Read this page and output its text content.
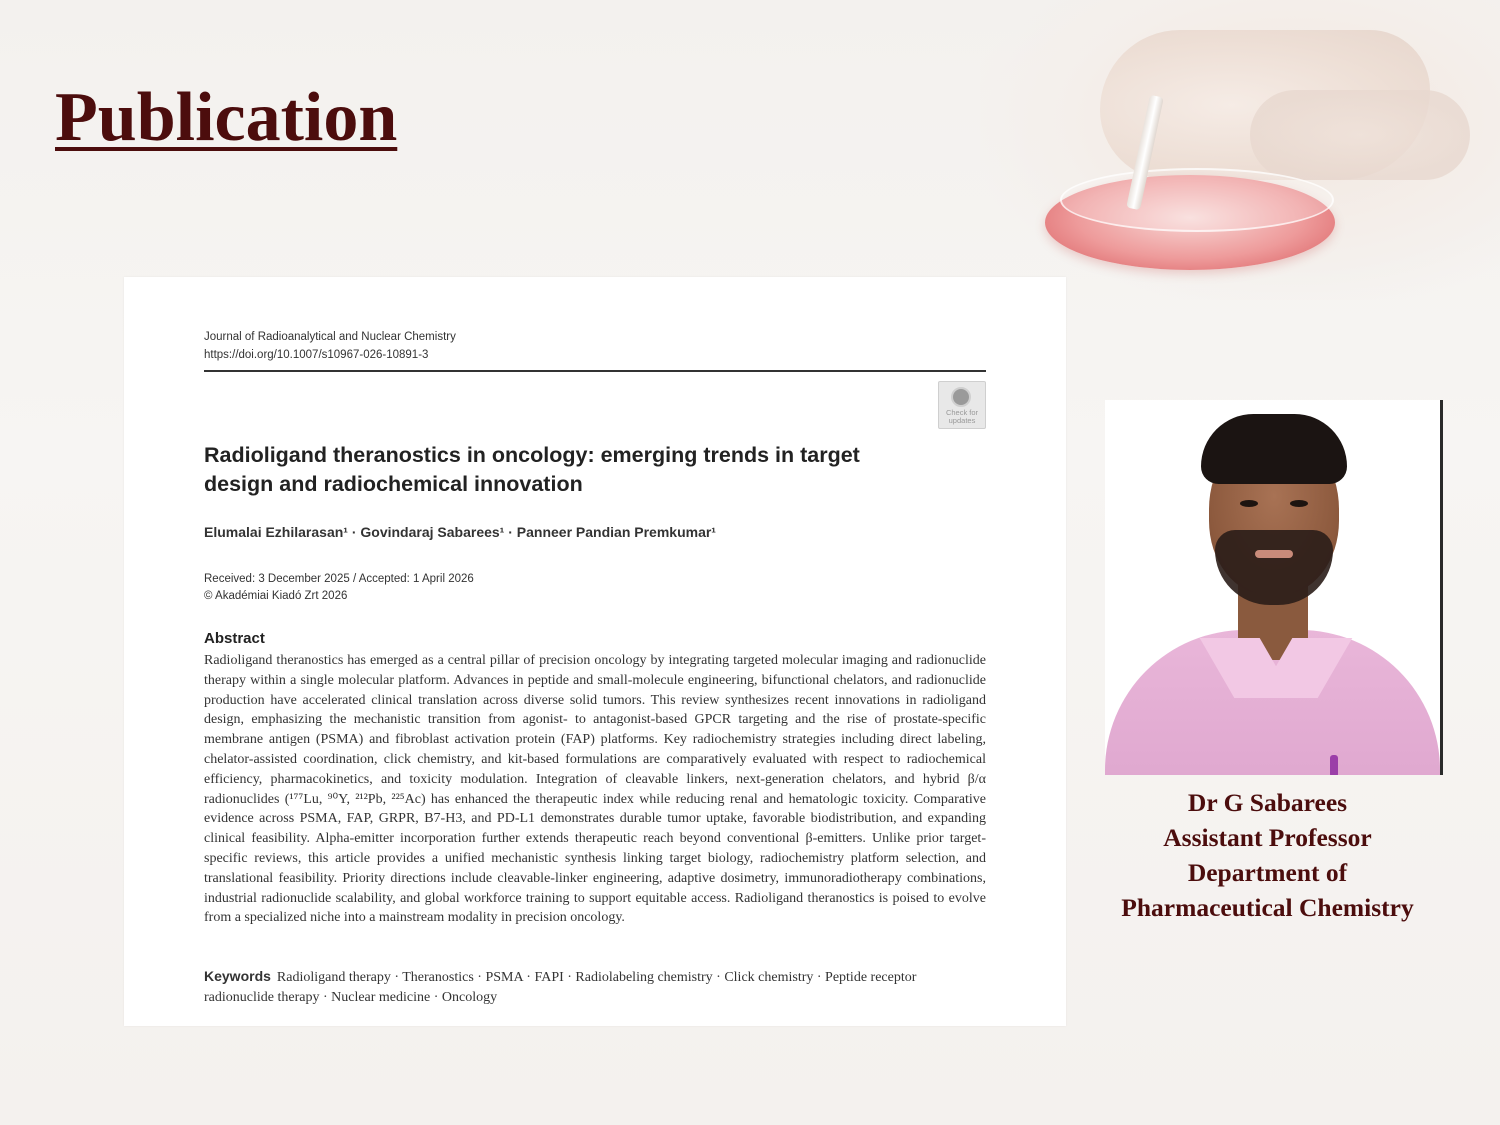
Publication
Journal of Radioanalytical and Nuclear Chemistry
https://doi.org/10.1007/s10967-026-10891-3
Check for updates
Radioligand theranostics in oncology: emerging trends in target design and radiochemical innovation
Elumalai Ezhilarasan¹ · Govindaraj Sabarees¹ · Panneer Pandian Premkumar¹
Received: 3 December 2025 / Accepted: 1 April 2026
© Akadémiai Kiadó Zrt 2026
Abstract

Radioligand theranostics has emerged as a central pillar of precision oncology by integrating targeted molecular imaging and radionuclide therapy within a single molecular platform. Advances in peptide and small-molecule engineering, bifunctional chelators, and radionuclide production have accelerated clinical translation across diverse solid tumors. This review synthesizes recent innovations in radioligand design, emphasizing the mechanistic transition from agonist- to antagonist-based GPCR targeting and the rise of prostate-specific membrane antigen (PSMA) and fibroblast activation protein (FAP) platforms. Key radiochemistry strategies including direct labeling, chelator-assisted coordination, click chemistry, and kit-based formulations are comparatively evaluated with respect to radiochemical efficiency, pharmacokinetics, and toxicity modulation. Integration of cleavable linkers, next-generation chelators, and hybrid β/α radionuclides (¹⁷⁷Lu, ⁹⁰Y, ²¹²Pb, ²²⁵Ac) has enhanced the therapeutic index while reducing renal and hematologic toxicity. Comparative evidence across PSMA, FAP, GRPR, B7-H3, and PD-L1 demonstrates durable tumor uptake, favorable biodistribution, and expanding clinical feasibility. Alpha-emitter incorporation further extends therapeutic reach beyond conventional β-emitters. Unlike prior target-specific reviews, this article provides a unified mechanistic synthesis linking target biology, radiochemistry platform selection, and translational feasibility. Priority directions include cleavable-linker engineering, adaptive dosimetry, immunoradiotherapy combinations, industrial radionuclide scalability, and global workforce training to support equitable access. Radioligand theranostics is poised to evolve from a specialized niche into a mainstream modality in precision oncology.

Keywords Radioligand therapy · Theranostics · PSMA · FAPI · Radiolabeling chemistry · Click chemistry · Peptide receptor radionuclide therapy · Nuclear medicine · Oncology
Dr G Sabarees
Assistant Professor
Department of
Pharmaceutical Chemistry
